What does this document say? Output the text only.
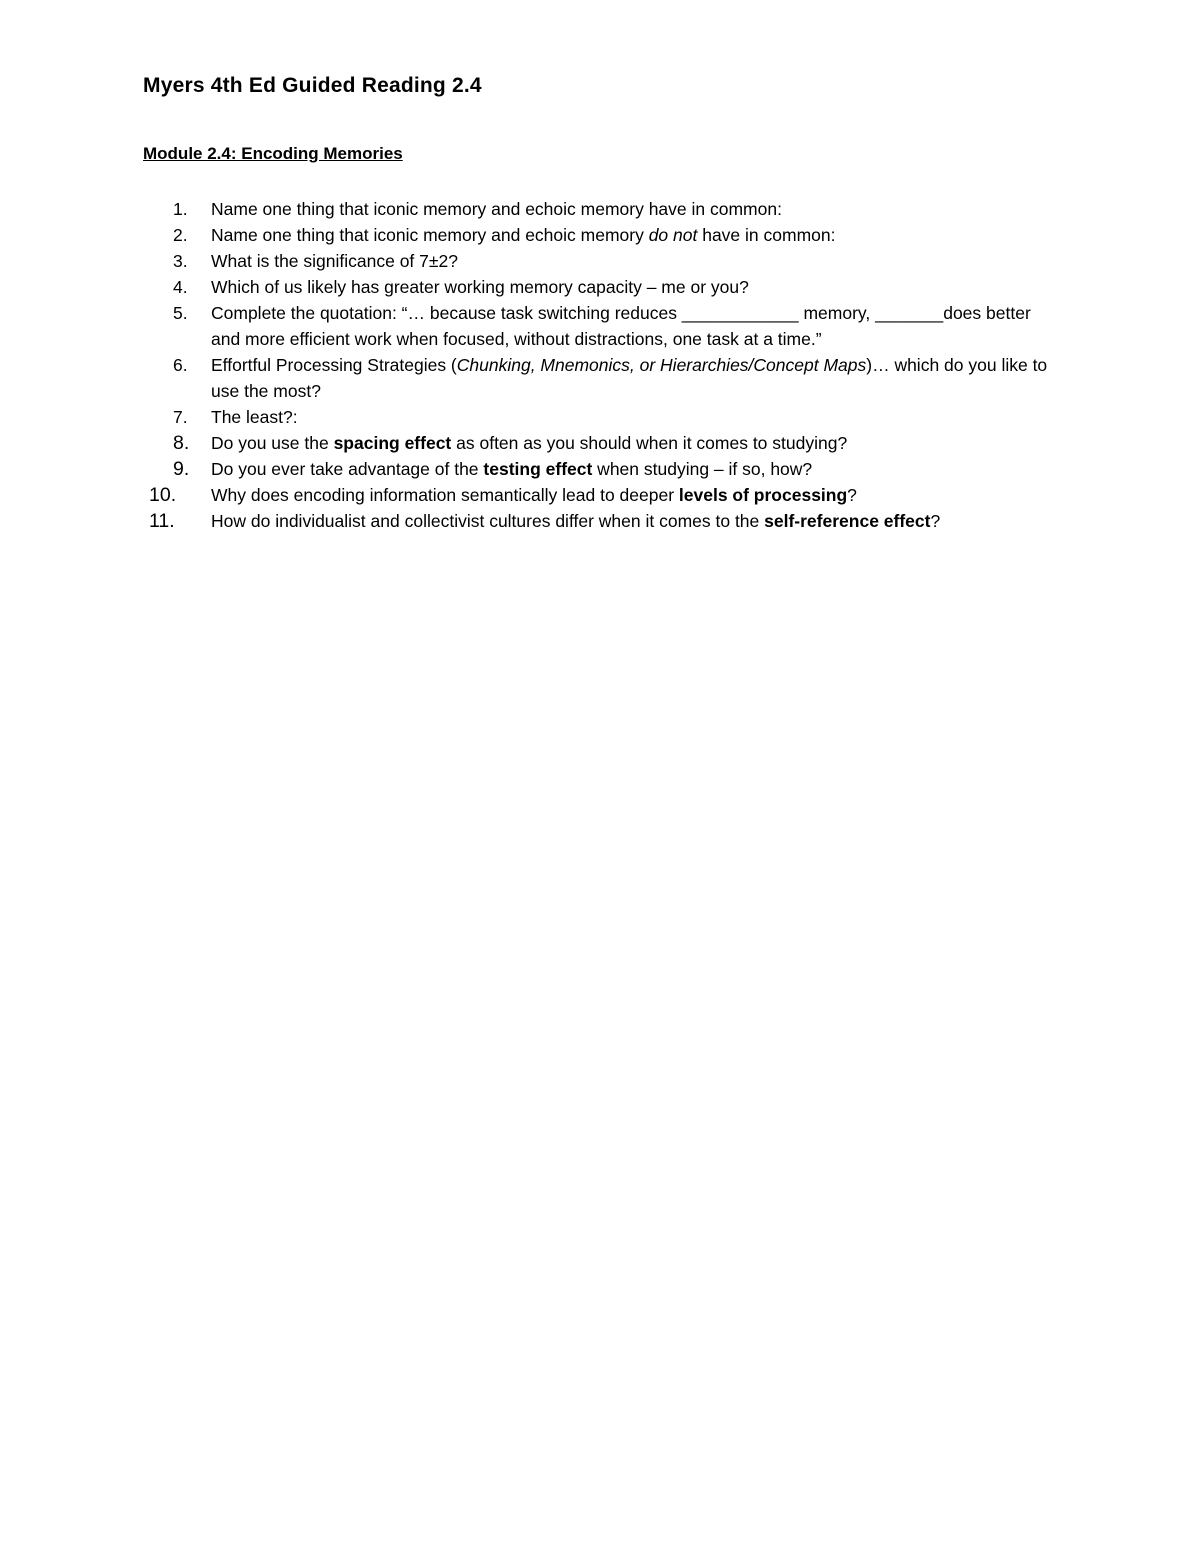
Myers 4th Ed Guided Reading 2.4
Module 2.4: Encoding Memories
1.	Name one thing that iconic memory and echoic memory have in common:
2.	Name one thing that iconic memory and echoic memory do not have in common:
3.	What is the significance of 7±2?
4.	Which of us likely has greater working memory capacity – me or you?
5.	Complete the quotation: “… because task switching reduces ____________ memory, _______does better and more efficient work when focused, without distractions, one task at a time.”
6.	Effortful Processing Strategies (Chunking, Mnemonics, or Hierarchies/Concept Maps)… which do you like to use the most?
7.	The least?:
8.	Do you use the spacing effect as often as you should when it comes to studying?
9.	Do you ever take advantage of the testing effect when studying – if so, how?
10.	Why does encoding information semantically lead to deeper levels of processing?
11.	How do individualist and collectivist cultures differ when it comes to the self-reference effect?
